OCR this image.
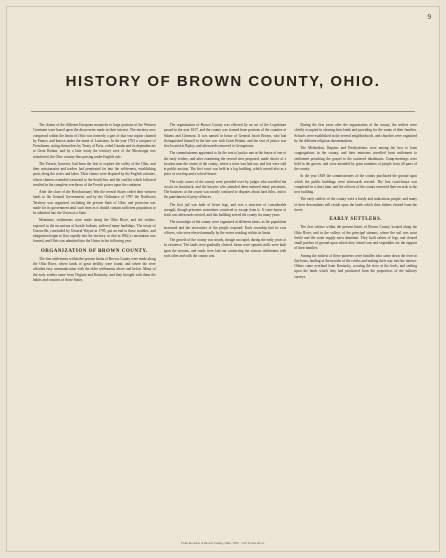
9
HISTORY OF BROWN COUNTY, OHIO.

The claims of the different European monarchs to large portions of the Western Continent were based upon the discoveries made in their interest. The territory now comprised within the limits of Ohio was formerly a part of that vast region claimed by France, and known under the name of Louisiana. In the year 1763 a conquest of Frenchmen, acting themselves by Treaty of Paris, ceded Canada and its dependencies to Great Britain; and by a later treaty the territory west of the Mississippi was transferred, the Ohio country thus passing under English rule.

The French, however, had been the first to explore the valley of the Ohio, and their missionaries and traders had penetrated far into the wilderness, establishing posts along the rivers and lakes. Their claims were disputed by the English colonies, whose charters extended westward to the South Sea, and the conflict which followed resulted in the complete overthrow of the French power upon the continent.

After the close of the Revolutionary War the several States ceded their western lands to the General Government, and by the Ordinance of 1787 the Northwest Territory was organized, including the present State of Ohio, and provision was made for its government until such time as it should contain sufficient population to be admitted into the Union as a State.

Meantime, settlements were made along the Ohio River, and the settlers, exposed to the incursions of hostile Indians, suffered many hardships. The treaty of Greenville, concluded by General Wayne in 1795, put an end to these troubles, and emigration began to flow rapidly into the territory, so that in 1802 a constitution was formed, and Ohio was admitted into the Union in the following year.

ORGANIZATION OF BROWN COUNTY.

The first settlements within the present limits of Brown County were made along the Ohio River, where lands of great fertility were found, and where the river afforded easy communication with the older settlements above and below. Many of the early settlers came from Virginia and Kentucky, and they brought with them the habits and customs of those States.

The organization of Brown County was effected by an act of the Legislature passed in the year 1817, and the county was formed from portions of the counties of Adams and Clermont. It was named in honor of General Jacob Brown, who had distinguished himself in the late war with Great Britain, and the seat of justice was first located at Ripley, and afterwards removed to Georgetown.

The commissioners appointed to fix the seat of justice met at the house of one of the early settlers, and after examining the several sites proposed, made choice of a location near the centre of the county, where a town was laid out, and lots were sold at public auction. The first court was held in a log building, which served also as a place of worship and a school-house.

The early courts of the county were presided over by judges who travelled the circuit on horseback, and the lawyers who attended them endured many privations. The business of the courts was mostly confined to disputes about land titles, and to the punishment of petty offences.

The first jail was built of hewn logs, and was a structure of considerable strength, though prisoners sometimes contrived to escape from it. A court-house of brick was afterwards erected, and this building served the county for many years.

The townships of the county were organized at different times, as the population increased and the necessities of the people required. Each township had its own officers, who were elected annually by the voters residing within its limits.

The growth of the county was steady, though not rapid, during the early years of its existence. The lands were gradually cleared, farms were opened, mills were built upon the streams, and roads were laid out connecting the various settlements with each other and with the county seat.

During the first years after the organization of the county, the settlers were chiefly occupied in clearing their lands and providing for the wants of their families. Schools were established in the several neighborhoods, and churches were organized by the different religious denominations.

The Methodists, Baptists and Presbyterians were among the first to form congregations in the county, and their ministers travelled from settlement to settlement preaching the gospel to the scattered inhabitants. Camp-meetings were held in the groves, and were attended by great numbers of people from all parts of the county.

In the year 1818 the commissioners of the county purchased the ground upon which the public buildings were afterwards erected. The first court-house was completed in a short time, and the officers of the county removed their records to the new building.

The early settlers of the county were a hardy and industrious people, and many of their descendants still reside upon the lands which their fathers cleared from the forest.

EARLY SETTLERS.

The first settlers within the present limits of Brown County located along the Ohio River, and in the valleys of the principal streams, where the soil was most fertile and the water supply most abundant. They built cabins of logs, and cleared small patches of ground upon which they raised corn and vegetables for the support of their families.

Among the earliest of these pioneers were families who came down the river in flat-boats, landing at the mouths of the creeks and making their way into the interior. Others came overland from Kentucky, crossing the river at the fords, and settling upon the lands which they had purchased from the proprietors of the military surveys.

From the Atlas of Brown County, Ohio, 1876 · L.H. Everts & Co.
